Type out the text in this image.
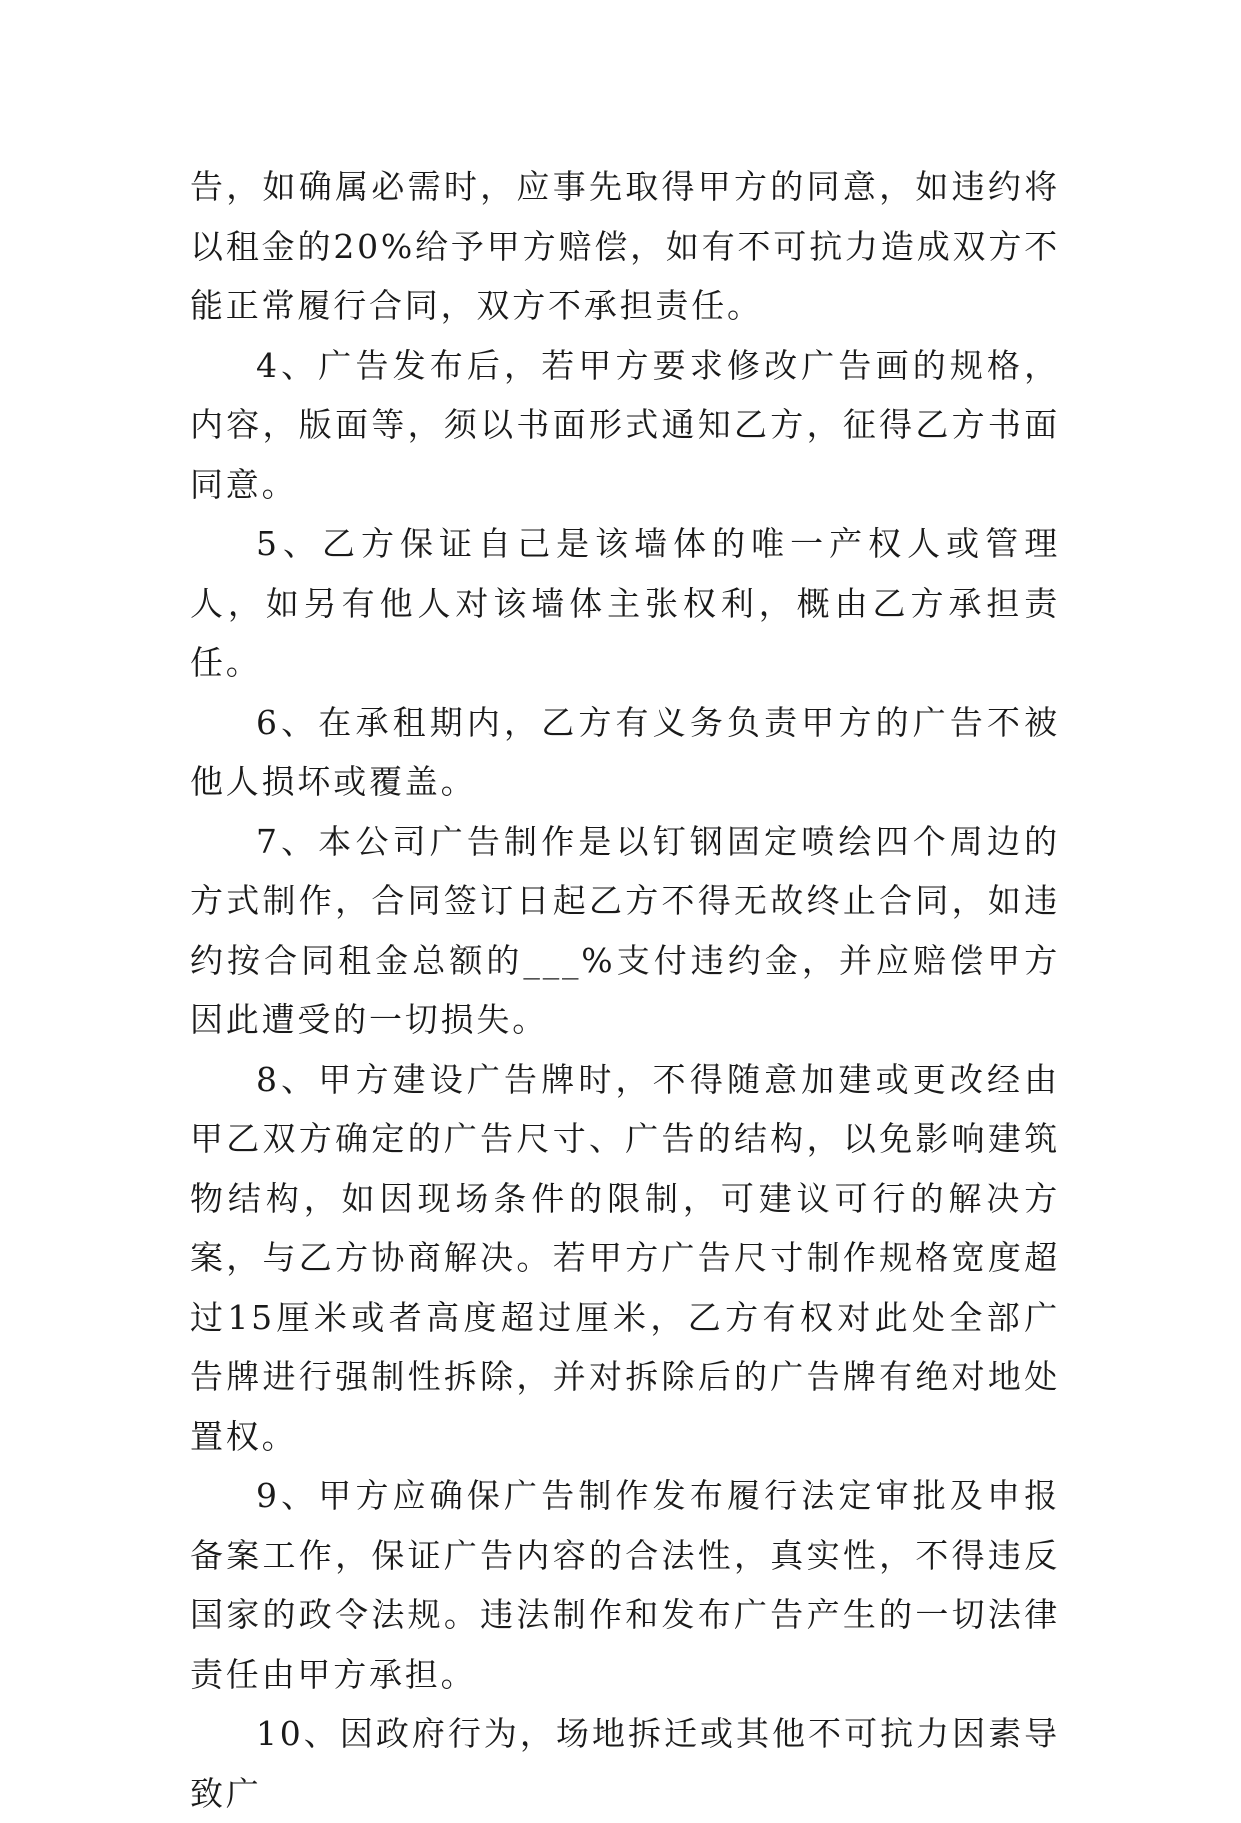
告，如确属必需时，应事先取得甲方的同意，如违约将以租金的20%给予甲方赔偿，如有不可抗力造成双方不能正常履行合同，双方不承担责任。

4、广告发布后，若甲方要求修改广告画的规格，内容，版面等，须以书面形式通知乙方，征得乙方书面同意。

5、乙方保证自己是该墙体的唯一产权人或管理人，如另有他人对该墙体主张权利，概由乙方承担责任。

6、在承租期内，乙方有义务负责甲方的广告不被他人损坏或覆盖。

7、本公司广告制作是以钉钢固定喷绘四个周边的方式制作，合同签订日起乙方不得无故终止合同，如违约按合同租金总额的___%支付违约金，并应赔偿甲方因此遭受的一切损失。

8、甲方建设广告牌时，不得随意加建或更改经由甲乙双方确定的广告尺寸、广告的结构，以免影响建筑物结构，如因现场条件的限制，可建议可行的解决方案，与乙方协商解决。若甲方广告尺寸制作规格宽度超过15厘米或者高度超过厘米，乙方有权对此处全部广告牌进行强制性拆除，并对拆除后的广告牌有绝对地处置权。

9、甲方应确保广告制作发布履行法定审批及申报备案工作，保证广告内容的合法性，真实性，不得违反国家的政令法规。违法制作和发布广告产生的一切法律责任由甲方承担。

10、因政府行为，场地拆迁或其他不可抗力因素导致广
